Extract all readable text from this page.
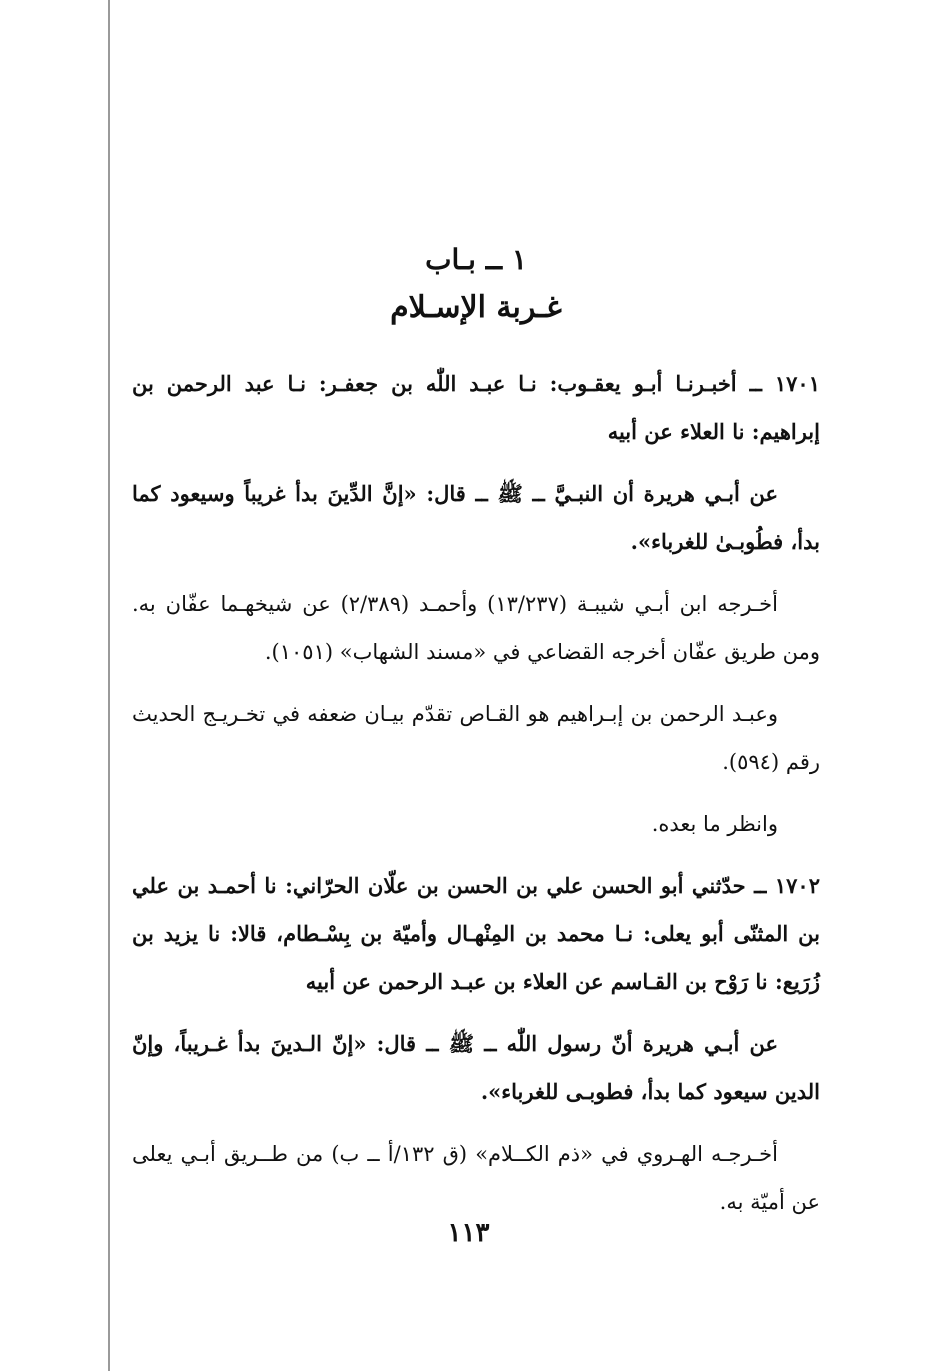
١ ــ بـاب
غـربة الإسـلام

١٧٠١ ــ أخبـرنـا أبـو يعقـوب: نـا عبـد اللّٰه بن جعفـر: نـا عبد الرحمن بن إبراهيم: نا العلاء عن أبيه

عن أبـي هريرة أن النبـيَّ ــ ﷺ ــ قال: «إنَّ الدِّينَ بدأ غريباً وسيعود كما بدأ، فطُوبـىٰ للغرباء».

أخـرجه ابن أبـي شيبـة (١٣/٢٣٧) وأحمـد (٢/٣٨٩) عن شيخهـما عفّان به. ومن طريق عفّان أخرجه القضاعي في «مسند الشهاب» (١٠٥١).

وعبـد الرحمن بن إبـراهيم هو القـاص تقدّم بيـان ضعفه في تخـريـج الحديث رقم (٥٩٤).

وانظر ما بعده.

١٧٠٢ ــ حدّثني أبو الحسن علي بن الحسن بن علّان الحرّاني: نا أحمـد بن علي بن المثنّى أبو يعلى: نـا محمد بن المِنْهـال وأميّة بن بِسْـطام، قالا: نا يزيد بن زُرَيع: نا رَوْح بن القـاسم عن العلاء بن عبـد الرحمن عن أبيه

عن أبـي هريرة أنّ رسول اللّٰه ــ ﷺ ــ قال: «إنّ الـدينَ بدأ غـريباً، وإنّ الدين سيعود كما بدأ، فطوبـى للغرباء».

أخـرجـه الهـروي في «ذم الكــلام» (ق ١٣٢/أ ــ ب) من طــريق أبـي يعلى عن أميّة به.

١١٣
